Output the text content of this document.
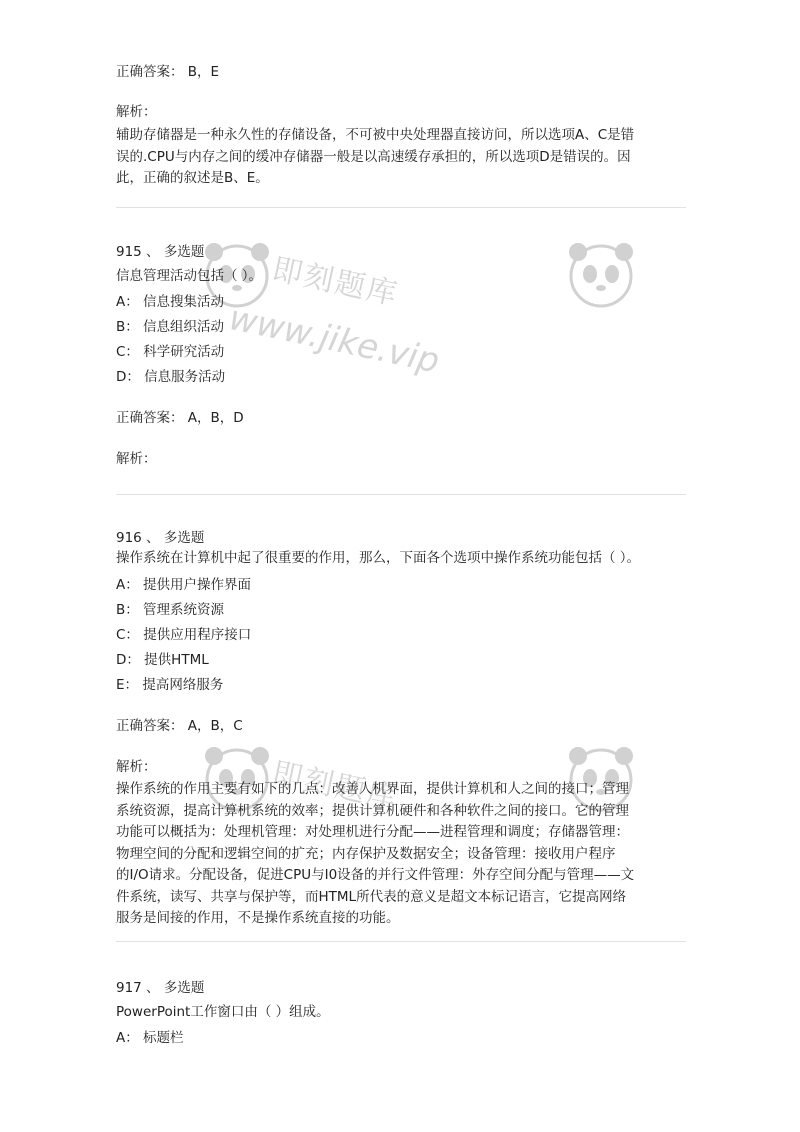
即刻题库
www.jike.vip
即刻题库
正确答案： B，E
解析：
辅助存储器是一种永久性的存储设备，不可被中央处理器直接访问，所以选项A、C是错
误的.CPU与内存之间的缓冲存储器一般是以高速缓存承担的，所以选项D是错误的。因
此，正确的叙述是B、E。
915 、 多选题
信息管理活动包括（ ）。
A： 信息搜集活动
B： 信息组织活动
C： 科学研究活动
D： 信息服务活动
正确答案： A，B，D
解析：
916 、 多选题
操作系统在计算机中起了很重要的作用，那么，下面各个选项中操作系统功能包括（ ）。
A： 提供用户操作界面
B： 管理系统资源
C： 提供应用程序接口
D： 提供HTML
E： 提高网络服务
正确答案： A，B，C
解析：
操作系统的作用主要有如下的几点：改善人机界面，提供计算机和人之间的接口；管理
系统资源，提高计算机系统的效率；提供计算机硬件和各种软件之间的接口。它的管理
功能可以概括为：处理机管理：对处理机进行分配——进程管理和调度；存储器管理：
物理空间的分配和逻辑空间的扩充；内存保护及数据安全；设备管理：接收用户程序
的I/O请求。分配设备，促进CPU与I0设备的并行文件管理：外存空间分配与管理——文
件系统，读写、共享与保护等，而HTML所代表的意义是超文本标记语言，它提高网络
服务是间接的作用，不是操作系统直接的功能。
917 、 多选题
PowerPoint工作窗口由（ ）组成。
A： 标题栏
